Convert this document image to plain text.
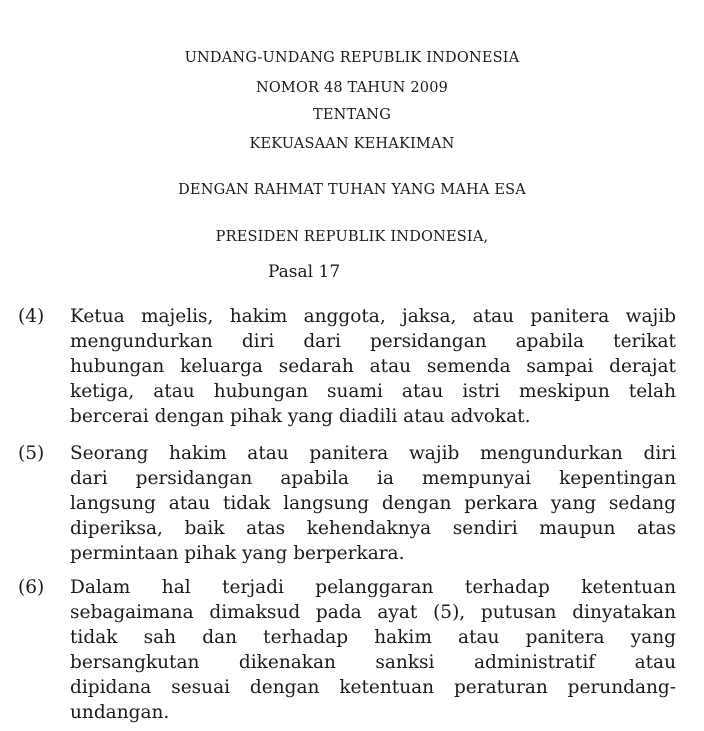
UNDANG-UNDANG REPUBLIK INDONESIA
NOMOR 48 TAHUN 2009
TENTANG
KEKUASAAN KEHAKIMAN
DENGAN RAHMAT TUHAN YANG MAHA ESA
PRESIDEN REPUBLIK INDONESIA,
Pasal 17
(4) Ketua majelis, hakim anggota, jaksa, atau panitera wajib
mengundurkan diri dari persidangan apabila terikat
hubungan keluarga sedarah atau semenda sampai derajat
ketiga, atau hubungan suami atau istri meskipun telah
bercerai dengan pihak yang diadili atau advokat.
(5) Seorang hakim atau panitera wajib mengundurkan diri
dari persidangan apabila ia mempunyai kepentingan
langsung atau tidak langsung dengan perkara yang sedang
diperiksa, baik atas kehendaknya sendiri maupun atas
permintaan pihak yang berperkara.
(6) Dalam hal terjadi pelanggaran terhadap ketentuan
sebagaimana dimaksud pada ayat (5), putusan dinyatakan
tidak sah dan terhadap hakim atau panitera yang
bersangkutan dikenakan sanksi administratif atau
dipidana sesuai dengan ketentuan peraturan perundang-
undangan.
